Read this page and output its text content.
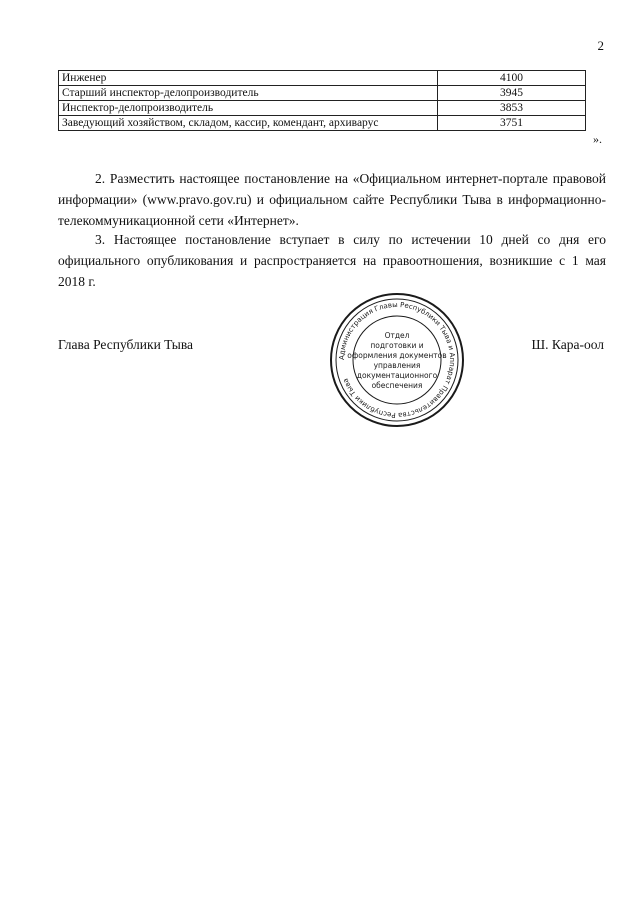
2
Инженер	4100
Старший инспектор-делопроизводитель	3945
Инспектор-делопроизводитель	3853
Заведующий хозяйством, складом, кассир, комендант, архиварус	3751
».

2. Разместить настоящее постановление на «Официальном интернет-портале правовой информации» (www.pravo.gov.ru) и официальном сайте Республики Тыва в информационно-телекоммуникационной сети «Интернет».

3. Настоящее постановление вступает в силу по истечении 10 дней со дня его официального опубликования и распространяется на правоотношения, возникшие с 1 мая 2018 г.

Глава Республики Тыва	Ш. Кара-оол
Администрация Главы Республики Тыва и Аппарат Правительства Республики Тыва
Отдел
подготовки и
оформления документов
управления
документационного
обеспечения
